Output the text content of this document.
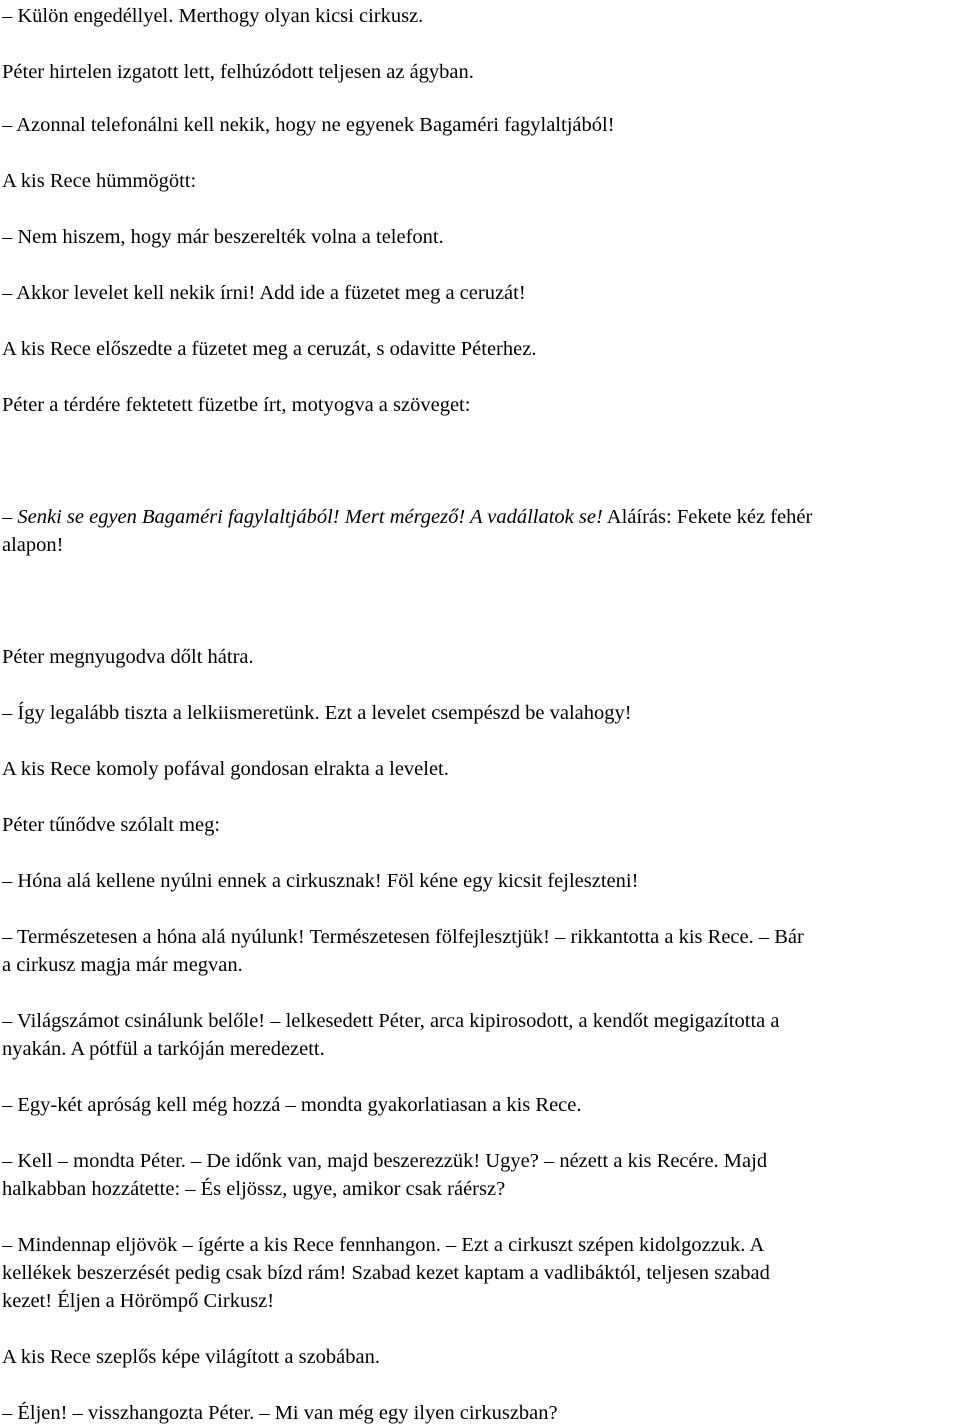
– Külön engedéllyel. Merthogy olyan kicsi cirkusz.
Péter hirtelen izgatott lett, felhúzódott teljesen az ágyban.
– Azonnal telefonálni kell nekik, hogy ne egyenek Bagaméri fagylaltjából!
A kis Rece hümmögött:
– Nem hiszem, hogy már beszerelték volna a telefont.
– Akkor levelet kell nekik írni! Add ide a füzetet meg a ceruzát!
A kis Rece előszedte a füzetet meg a ceruzát, s odavitte Péterhez.
Péter a térdére fektetett füzetbe írt, motyogva a szöveget:
– Senki se egyen Bagaméri fagylaltjából! Mert mérgező! A vadállatok se! Aláírás: Fekete kéz fehér
alapon!
Péter megnyugodva dőlt hátra.
– Így legalább tiszta a lelkiismeretünk. Ezt a levelet csempészd be valahogy!
A kis Rece komoly pofával gondosan elrakta a levelet.
Péter tűnődve szólalt meg:
– Hóna alá kellene nyúlni ennek a cirkusznak! Föl kéne egy kicsit fejleszteni!
– Természetesen a hóna alá nyúlunk! Természetesen fölfejlesztjük! – rikkantotta a kis Rece. – Bár
a cirkusz magja már megvan.
– Világszámot csinálunk belőle! – lelkesedett Péter, arca kipirosodott, a kendőt megigazította a
nyakán. A pótfül a tarkóján meredezett.
– Egy-két apróság kell még hozzá – mondta gyakorlatiasan a kis Rece.
– Kell – mondta Péter. – De időnk van, majd beszerezzük! Ugye? – nézett a kis Recére. Majd
halkabban hozzátette: – És eljössz, ugye, amikor csak ráérsz?
– Mindennap eljövök – ígérte a kis Rece fennhangon. – Ezt a cirkuszt szépen kidolgozzuk. A
kellékek beszerzését pedig csak bízd rám! Szabad kezet kaptam a vadlibáktól, teljesen szabad
kezet! Éljen a Hörömpő Cirkusz!
A kis Rece szeplős képe világított a szobában.
– Éljen! – visszhangozta Péter. – Mi van még egy ilyen cirkuszban?
